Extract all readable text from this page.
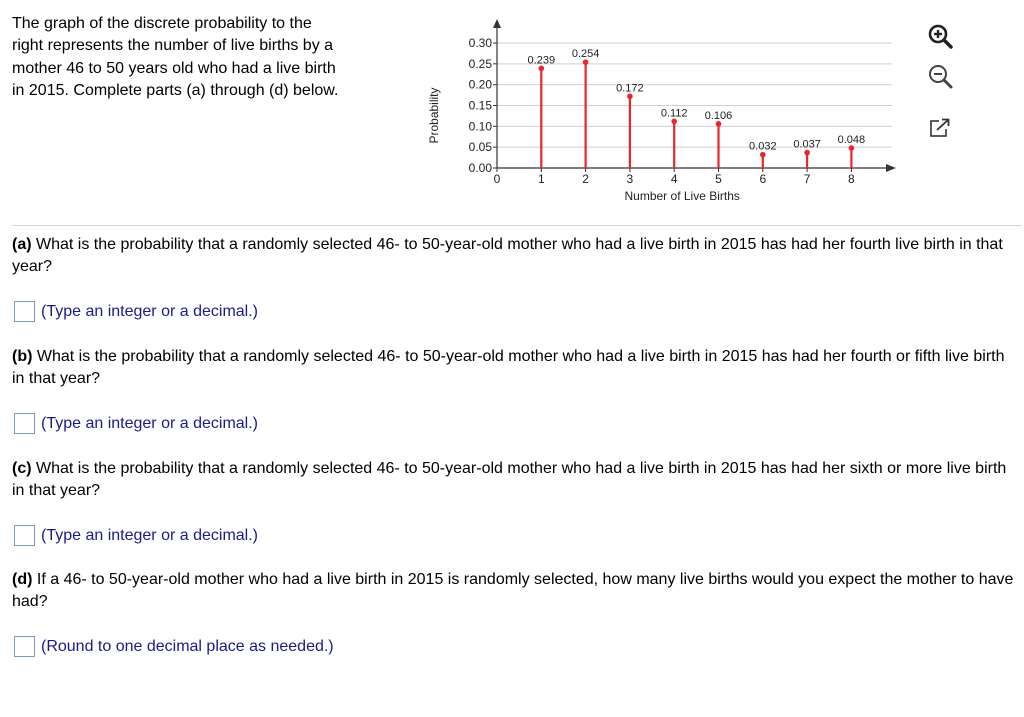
The graph of the discrete probability to the right represents the number of live births by a mother 46 to 50 years old who had a live birth in 2015. Complete parts (a) through (d) below.
0.00
0.05
0.10
0.15
0.20
0.25
0.30
0	1	2	3	4	5	6	7	8
Number of Live Births
Probability
0.239
0.254
0.172
0.112 0.106
0.032 0.037 0.048
(a) What is the probability that a randomly selected 46- to 50-year-old mother who had a live birth in 2015 has had her fourth live birth in that year?
(Type an integer or a decimal.)
(b) What is the probability that a randomly selected 46- to 50-year-old mother who had a live birth in 2015 has had her fourth or fifth live birth in that year?
(Type an integer or a decimal.)
(c) What is the probability that a randomly selected 46- to 50-year-old mother who had a live birth in 2015 has had her sixth or more live birth in that year?
(Type an integer or a decimal.)
(d) If a 46- to 50-year-old mother who had a live birth in 2015 is randomly selected, how many live births would you expect the mother to have had?
(Round to one decimal place as needed.)
